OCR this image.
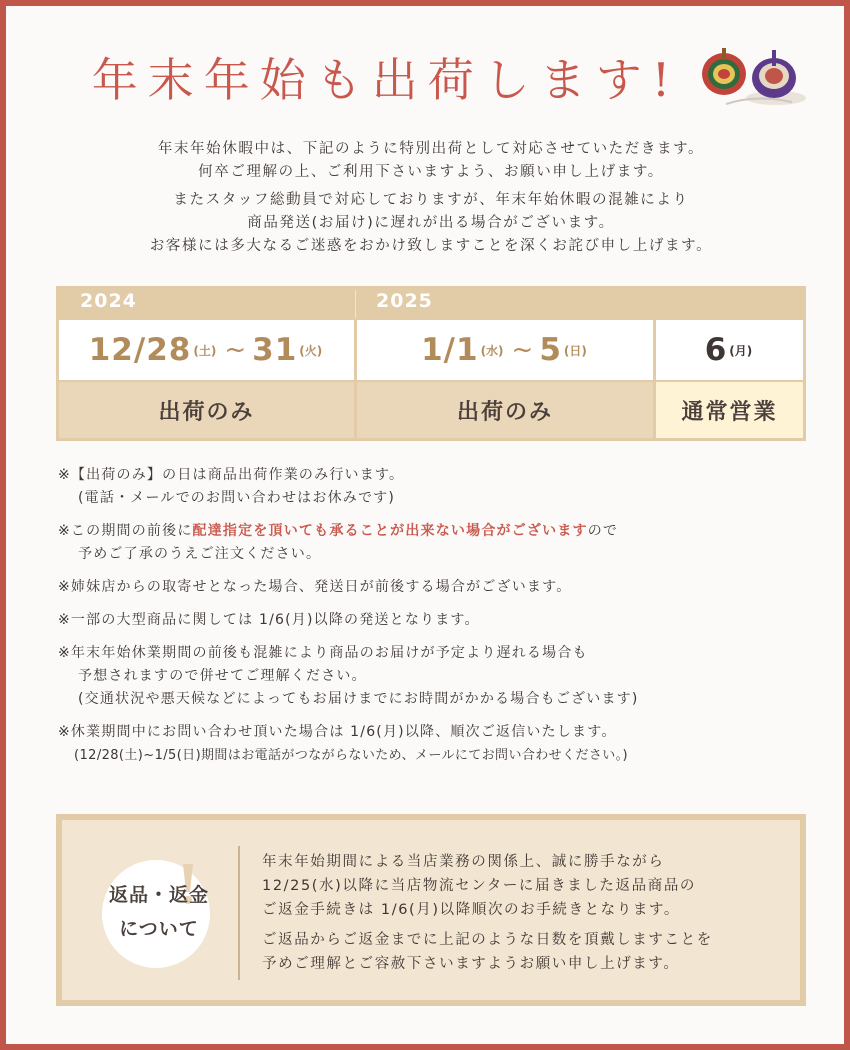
年末年始も出荷します!

年末年始休暇中は、下記のように特別出荷として対応させていただきます。

何卒ご理解の上、ご利用下さいますよう、お願い申し上げます。

またスタッフ総動員で対応しておりますが、年末年始休暇の混雑により

商品発送(お届け)に遅れが出る場合がございます。

お客様には多大なるご迷惑をおかけ致しますことを深くお詫び申し上げます。

2024	2025
12/28 (土) ~ 31 (火)	1/1 (水) ~ 5 (日)	6 (月)
出荷のみ	出荷のみ	通常営業
※【出荷のみ】の日は商品出荷作業のみ行います。
(電話・メールでのお問い合わせはお休みです)
※この期間の前後に配達指定を頂いても承ることが出来ない場合がございますので
予めご了承のうえご注文ください。
※姉妹店からの取寄せとなった場合、発送日が前後する場合がございます。
※一部の大型商品に関しては 1/6(月)以降の発送となります。
※年末年始休業期間の前後も混雑により商品のお届けが予定より遅れる場合も
予想されますので併せてご理解ください。
(交通状況や悪天候などによってもお届けまでにお時間がかかる場合もございます)
※休業期間中にお問い合わせ頂いた場合は 1/6(月)以降、順次ご返信いたします。
(12/28(土)~1/5(日)期間はお電話がつながらないため、メールにてお問い合わせください。)
返品・返金
について

年末年始期間による当店業務の関係上、誠に勝手ながら
12/25(水)以降に当店物流センターに届きました返品商品の
ご返金手続きは 1/6(月)以降順次のお手続きとなります。

ご返品からご返金までに上記のような日数を頂戴しますことを
予めご理解とご容赦下さいますようお願い申し上げます。
